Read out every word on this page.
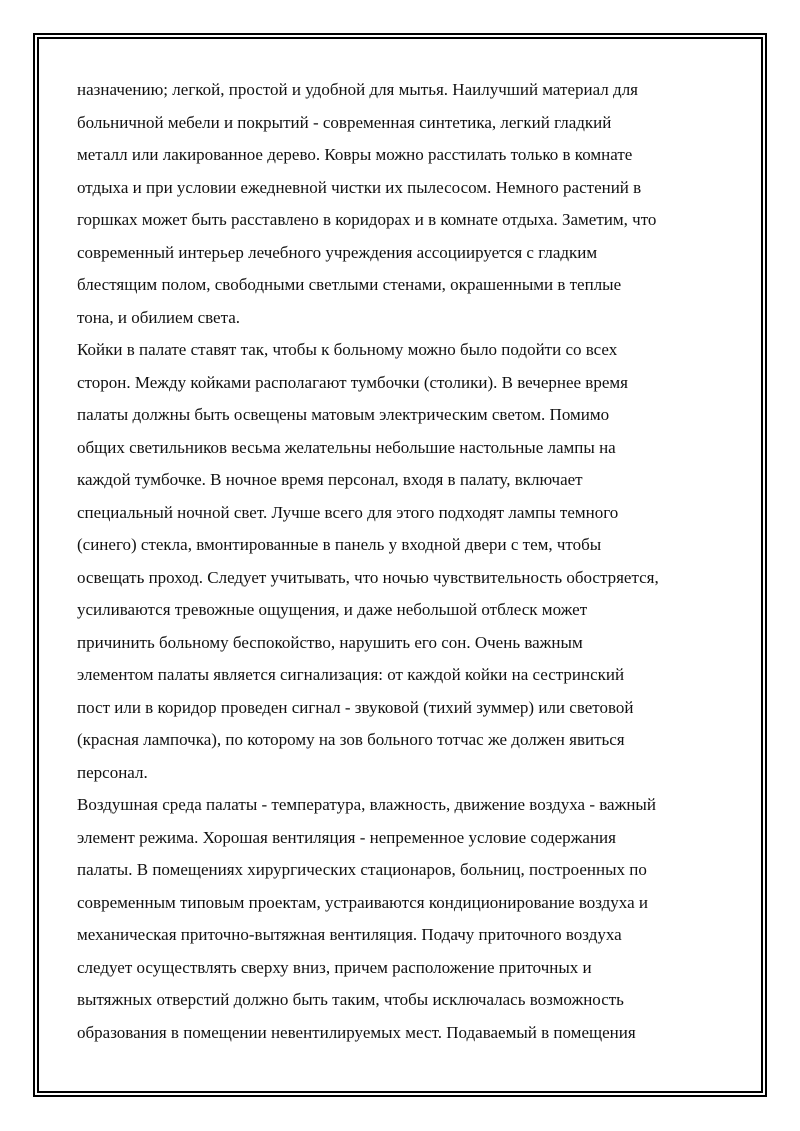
назначению; легкой, простой и удобной для мытья. Наилучший материал для
больничной мебели и покрытий - современная синтетика, легкий гладкий
металл или лакированное дерево. Ковры можно расстилать только в комнате
отдыха и при условии ежедневной чистки их пылесосом. Немного растений в
горшках может быть расставлено в коридорах и в комнате отдыха. Заметим, что
современный интерьер лечебного учреждения ассоциируется с гладким
блестящим полом, свободными светлыми стенами, окрашенными в теплые
тона, и обилием света.
Койки в палате ставят так, чтобы к больному можно было подойти со всех
сторон. Между койками располагают тумбочки (столики). В вечернее время
палаты должны быть освещены матовым электрическим светом. Помимо
общих светильников весьма желательны небольшие настольные лампы на
каждой тумбочке. В ночное время персонал, входя в палату, включает
специальный ночной свет. Лучше всего для этого подходят лампы темного
(синего) стекла, вмонтированные в панель у входной двери с тем, чтобы
освещать проход. Следует учитывать, что ночью чувствительность обостряется,
усиливаются тревожные ощущения, и даже небольшой отблеск может
причинить больному беспокойство, нарушить его сон. Очень важным
элементом палаты является сигнализация: от каждой койки на сестринский
пост или в коридор проведен сигнал - звуковой (тихий зуммер) или световой
(красная лампочка), по которому на зов больного тотчас же должен явиться
персонал.
Воздушная среда палаты - температура, влажность, движение воздуха - важный
элемент режима. Хорошая вентиляция - непременное условие содержания
палаты. В помещениях хирургических стационаров, больниц, построенных по
современным типовым проектам, устраиваются кондиционирование воздуха и
механическая приточно-вытяжная вентиляция. Подачу приточного воздуха
следует осуществлять сверху вниз, причем расположение приточных и
вытяжных отверстий должно быть таким, чтобы исключалась возможность
образования в помещении невентилируемых мест. Подаваемый в помещения
